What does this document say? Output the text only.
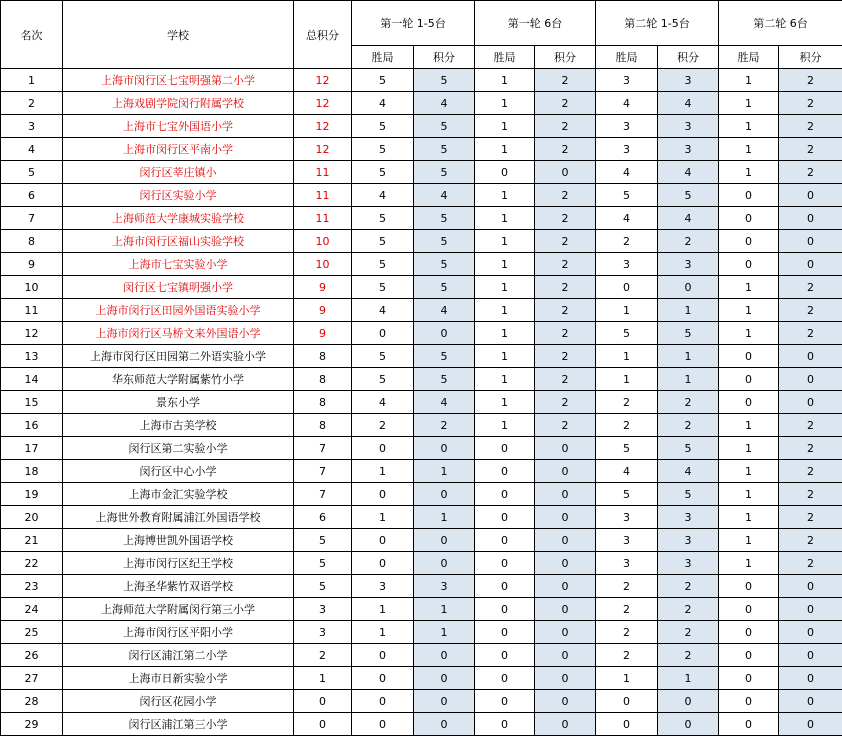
名次	学校	总积分	第一轮 1-5台		第一轮 6台		第二轮 1-5台		第二轮 6台	
			胜局	积分	胜局	积分	胜局	积分	胜局	积分
1	上海市闵行区七宝明强第二小学	12	5	5	1	2	3	3	1	2
2	上海戏剧学院闵行附属学校	12	4	4	1	2	4	4	1	2
3	上海市七宝外国语小学	12	5	5	1	2	3	3	1	2
4	上海市闵行区平南小学	12	5	5	1	2	3	3	1	2
5	闵行区莘庄镇小	11	5	5	0	0	4	4	1	2
6	闵行区实验小学	11	4	4	1	2	5	5	0	0
7	上海师范大学康城实验学校	11	5	5	1	2	4	4	0	0
8	上海市闵行区福山实验学校	10	5	5	1	2	2	2	0	0
9	上海市七宝实验小学	10	5	5	1	2	3	3	0	0
10	闵行区七宝镇明强小学	9	5	5	1	2	0	0	1	2
11	上海市闵行区田园外国语实验小学	9	4	4	1	2	1	1	1	2
12	上海市闵行区马桥文来外国语小学	9	0	0	1	2	5	5	1	2
13	上海市闵行区田园第二外语实验小学	8	5	5	1	2	1	1	0	0
14	华东师范大学附属紫竹小学	8	5	5	1	2	1	1	0	0
15	景东小学	8	4	4	1	2	2	2	0	0
16	上海市古美学校	8	2	2	1	2	2	2	1	2
17	闵行区第二实验小学	7	0	0	0	0	5	5	1	2
18	闵行区中心小学	7	1	1	0	0	4	4	1	2
19	上海市金汇实验学校	7	0	0	0	0	5	5	1	2
20	上海世外教育附属浦江外国语学校	6	1	1	0	0	3	3	1	2
21	上海博世凯外国语学校	5	0	0	0	0	3	3	1	2
22	上海市闵行区纪王学校	5	0	0	0	0	3	3	1	2
23	上海圣华紫竹双语学校	5	3	3	0	0	2	2	0	0
24	上海师范大学附属闵行第三小学	3	1	1	0	0	2	2	0	0
25	上海市闵行区平阳小学	3	1	1	0	0	2	2	0	0
26	闵行区浦江第二小学	2	0	0	0	0	2	2	0	0
27	上海市日新实验小学	1	0	0	0	0	1	1	0	0
28	闵行区花园小学	0	0	0	0	0	0	0	0	0
29	闵行区浦江第三小学	0	0	0	0	0	0	0	0	0
